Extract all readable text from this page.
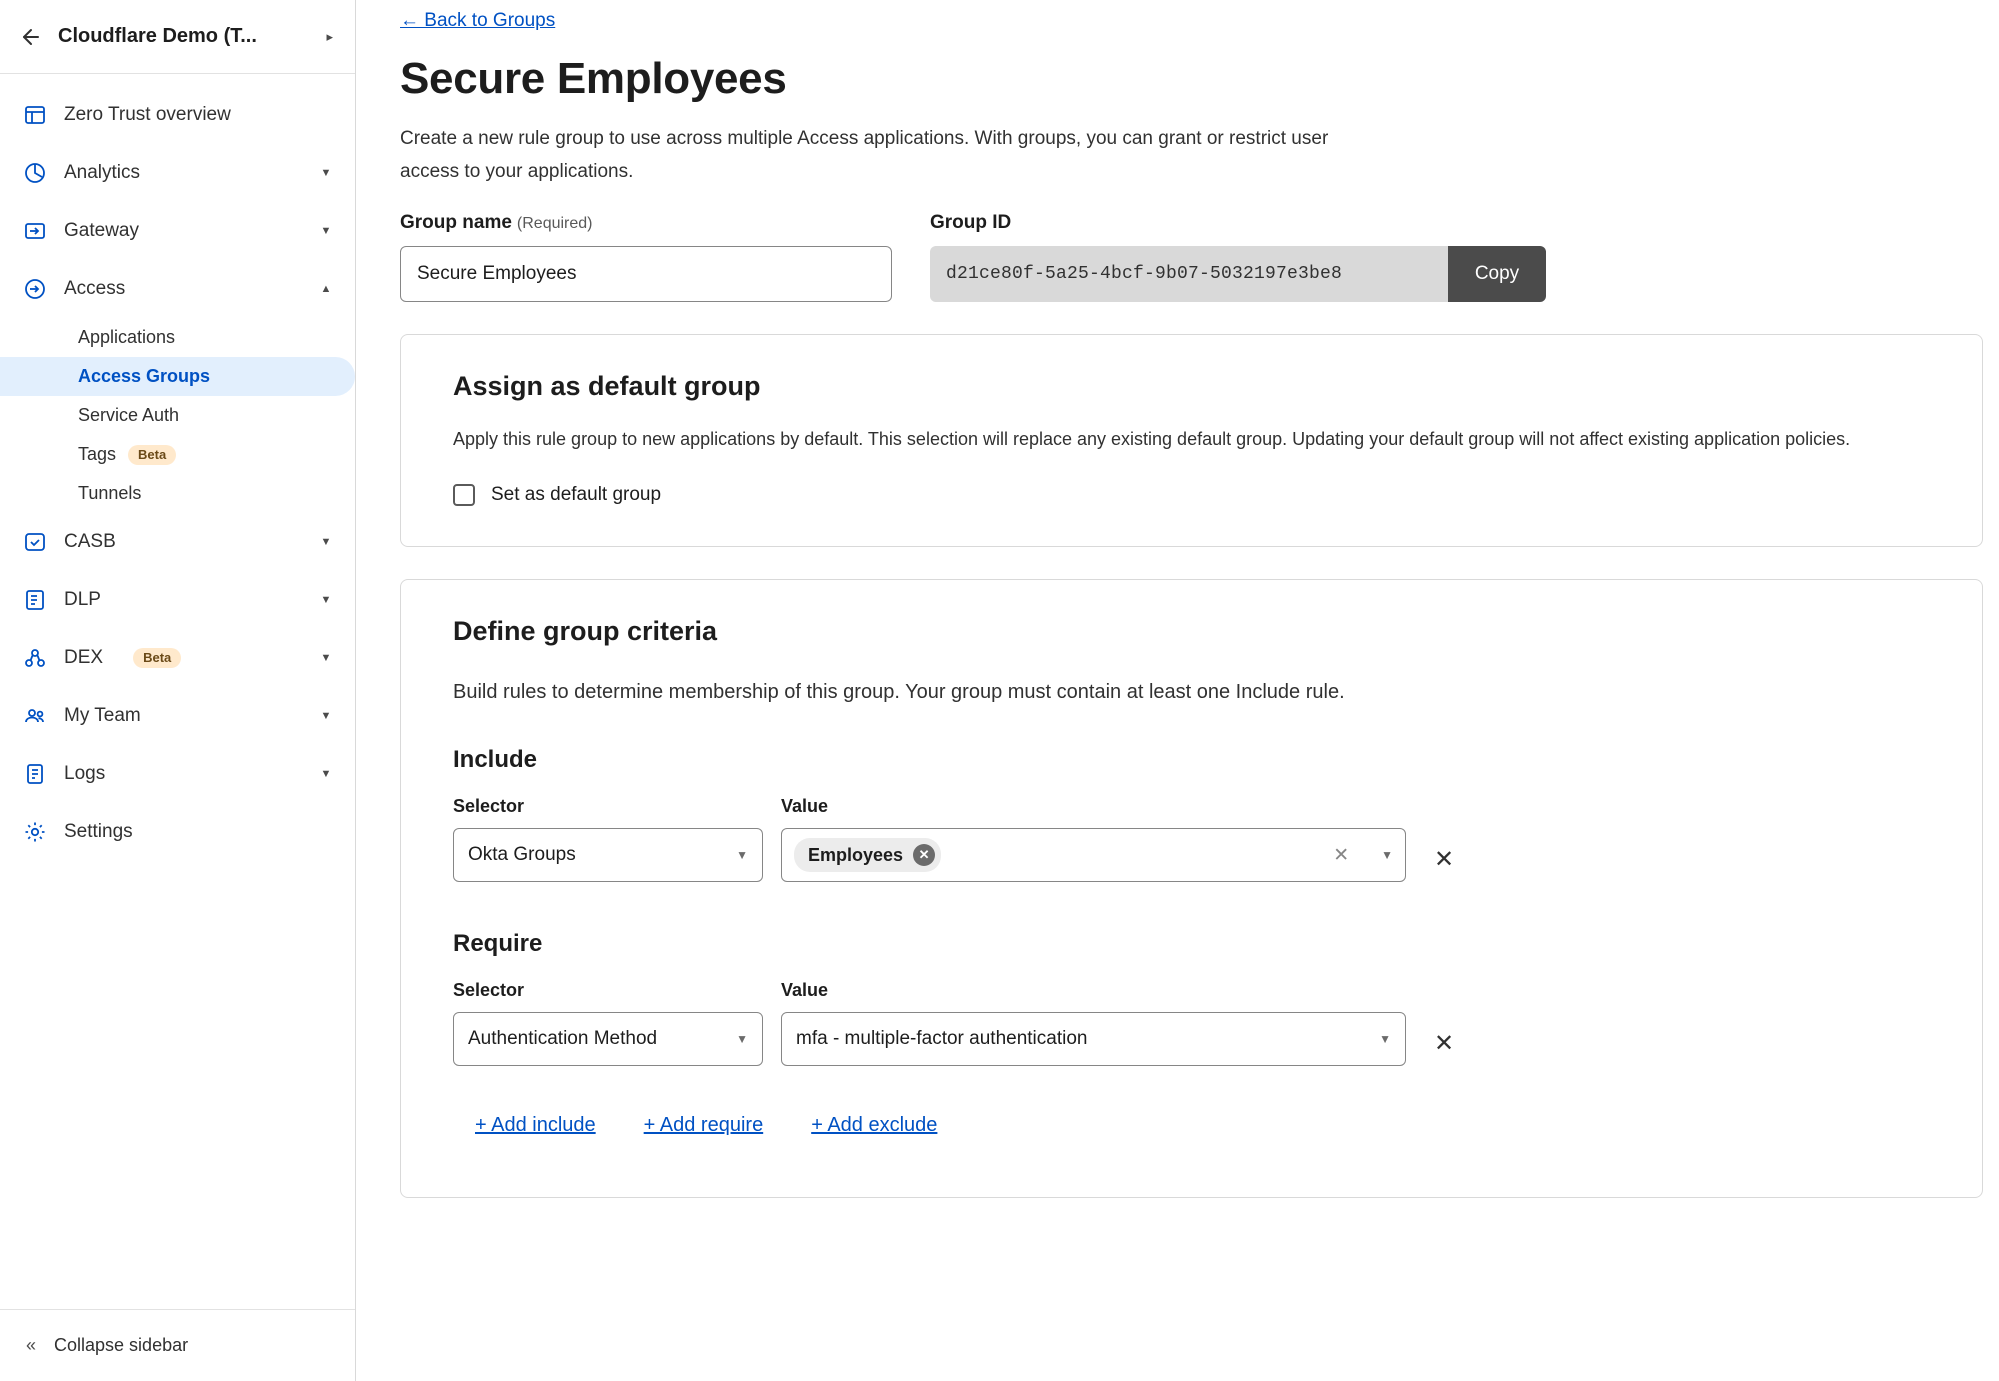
Cloudflare Demo (T...	▸
Zero Trust overview
Analytics	▼
Gateway	▼
Access	▲
Applications
Access Groups
Service Auth
Tags	Beta
Tunnels
CASB	▼
DLP	▼
DEX	Beta	▼
My Team	▼
Logs	▼
Settings
« Collapse sidebar
← Back to Groups
Secure Employees

Create a new rule group to use across multiple Access applications. With groups, you can grant or restrict user access to your applications.

Group name (Required)
Secure Employees	Group ID
d21ce80f-5a25-4bcf-9b07-5032197e3be8	Copy
Assign as default group

Apply this rule group to new applications by default. This selection will replace any existing default group. Updating your default group will not affect existing application policies.

Set as default group
Define group criteria

Build rules to determine membership of this group. Your group must contain at least one Include rule.

Include
Selector
Okta Groups	▼
Value
Employees	✕	✕	▼	✕
Require
Selector
Authentication Method	▼
Value
mfa - multiple-factor authentication	▼	✕
+ Add include + Add require + Add exclude
